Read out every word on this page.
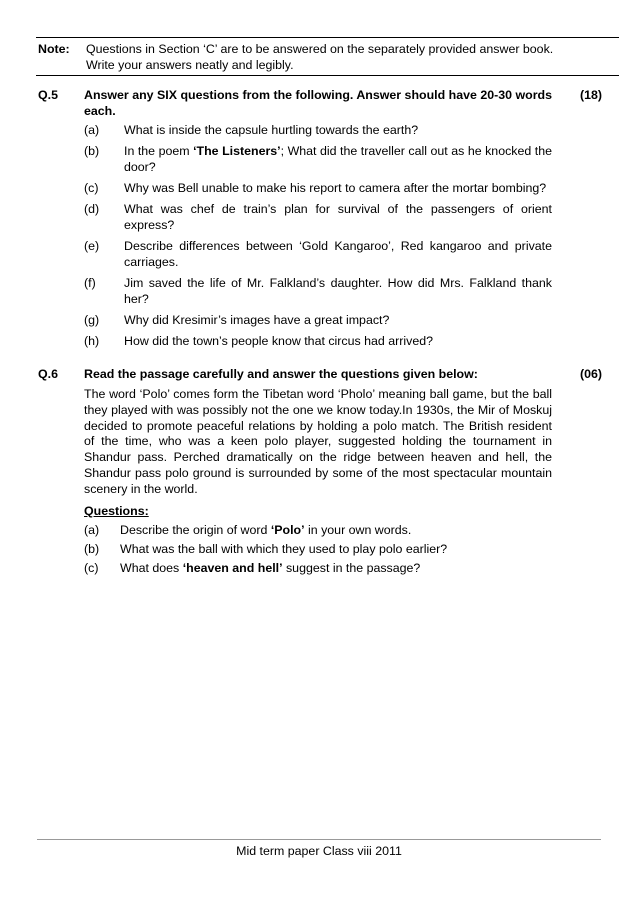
Note:	Questions in Section ‘C’ are to be answered on the separately provided answer book.
Write your answers neatly and legibly.
Q.5	Answer any SIX questions from the following. Answer should have 20-30 words each.
(a)	What is inside the capsule hurtling towards the earth?
(b)	In the poem ‘The Listeners’; What did the traveller call out as he knocked the door?
(c)	Why was Bell unable to make his report to camera after the mortar bombing?
(d)	What was chef de train’s plan for survival of the passengers of orient express?
(e)	Describe differences between ‘Gold Kangaroo’, Red kangaroo and private carriages.
(f)	Jim saved the life of Mr. Falkland’s daughter. How did Mrs. Falkland thank her?
(g)	Why did Kresimir’s images have a great impact?
(h)	How did the town’s people know that circus had arrived?
(18)
Q.6	Read the passage carefully and answer the questions given below:
The word ‘Polo’ comes form the Tibetan word ‘Pholo’ meaning ball game, but the ball they played with was possibly not the one we know today.In 1930s, the Mir of Moskuj decided to promote peaceful relations by holding a polo match. The British resident of the time, who was a keen polo player, suggested holding the tournament in Shandur pass. Perched dramatically on the ridge between heaven and hell, the Shandur pass polo ground is surrounded by some of the most spectacular mountain scenery in the world.
Questions:
(a)	Describe the origin of word ‘Polo’ in your own words.
(b)	What was the ball with which they used to play polo earlier?
(c)	What does ‘heaven and hell’ suggest in the passage?
(06)
Mid term paper Class viii 2011
